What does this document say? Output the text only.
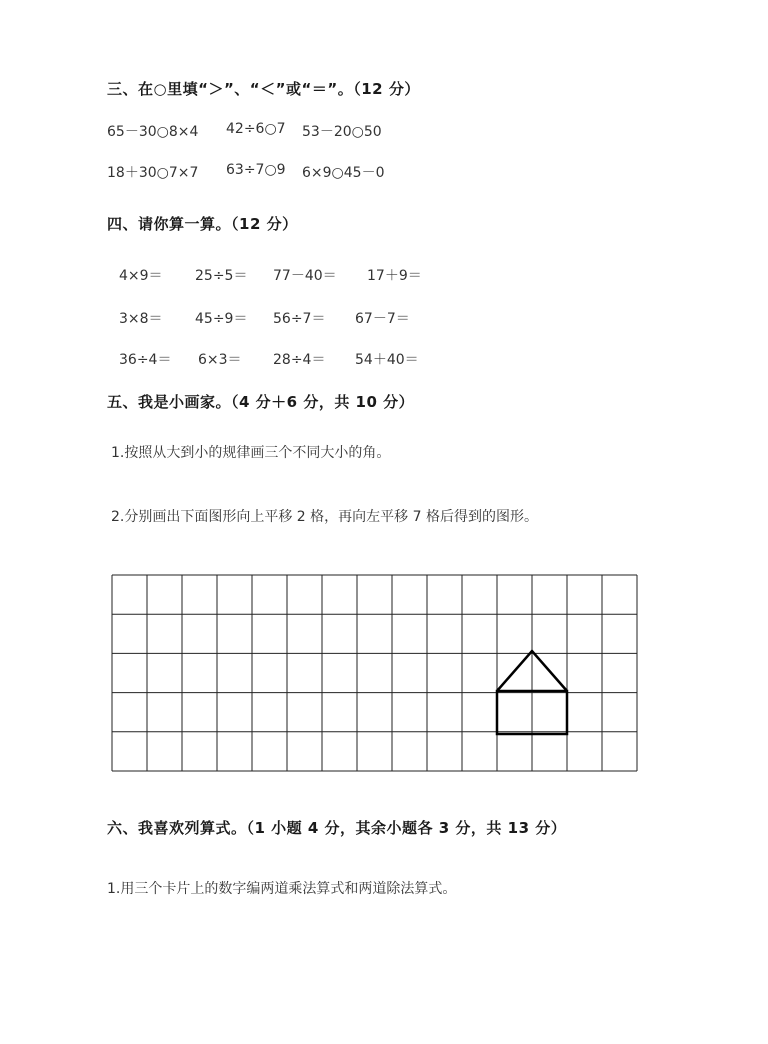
三、在○里填“＞”、“＜”或“＝”。（12 分）
65－30○8×4 42÷6○7 53－20○50
18＋30○7×7 63÷7○9 6×9○45－0
四、请你算一算。（12 分）
4×9＝ 25÷5＝ 77－40＝ 17＋9＝
3×8＝ 45÷9＝ 56÷7＝ 67－7＝
36÷4＝ 6×3＝ 28÷4＝ 54＋40＝
五、我是小画家。（4 分＋6 分，共 10 分）
1.按照从大到小的规律画三个不同大小的角。
2.分别画出下面图形向上平移 2 格，再向左平移 7 格后得到的图形。
六、我喜欢列算式。（1 小题 4 分，其余小题各 3 分，共 13 分）
1.用三个卡片上的数字编两道乘法算式和两道除法算式。
